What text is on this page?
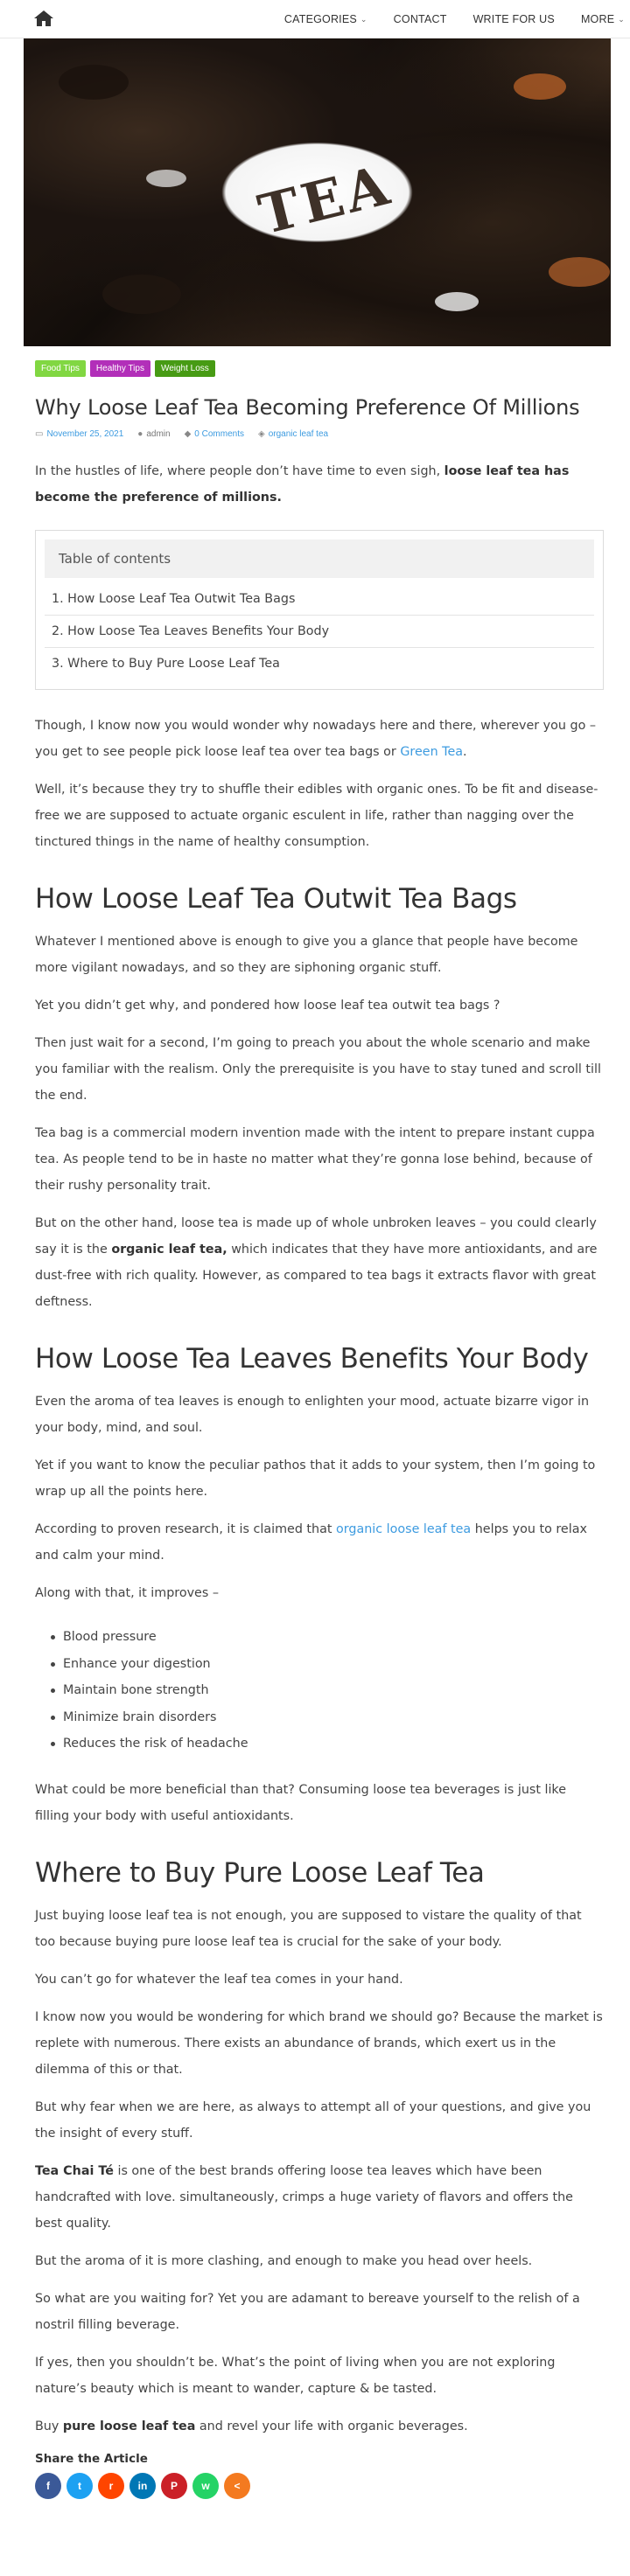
CATEGORIES ⌄ CONTACT WRITE FOR US MORE ⌄
TEA
Food Tips	Healthy Tips	Weight Loss
Why Loose Leaf Tea Becoming Preference Of Millions
▭ November 25, 2021 ● admin ◆ 0 Comments ◈ organic leaf tea

In the hustles of life, where people don’t have time to even sigh, loose leaf tea has become the preference of millions.

Table of contents
1. How Loose Leaf Tea Outwit Tea Bags
2. How Loose Tea Leaves Benefits Your Body
3. Where to Buy Pure Loose Leaf Tea

Though, I know now you would wonder why nowadays here and there, wherever you go – you get to see people pick loose leaf tea over tea bags or Green Tea.

Well, it’s because they try to shuffle their edibles with organic ones. To be fit and disease-free we are supposed to actuate organic esculent in life, rather than nagging over the tinctured things in the name of healthy consumption.

How Loose Leaf Tea Outwit Tea Bags

Whatever I mentioned above is enough to give you a glance that people have become more vigilant nowadays, and so they are siphoning organic stuff.

Yet you didn’t get why, and pondered how loose leaf tea outwit tea bags ?

Then just wait for a second, I’m going to preach you about the whole scenario and make you familiar with the realism. Only the prerequisite is you have to stay tuned and scroll till the end.

Tea bag is a commercial modern invention made with the intent to prepare instant cuppa tea. As people tend to be in haste no matter what they’re gonna lose behind, because of their rushy personality trait.

But on the other hand, loose tea is made up of whole unbroken leaves – you could clearly say it is the organic leaf tea, which indicates that they have more antioxidants, and are dust-free with rich quality. However, as compared to tea bags it extracts flavor with great deftness.

How Loose Tea Leaves Benefits Your Body

Even the aroma of tea leaves is enough to enlighten your mood, actuate bizarre vigor in your body, mind, and soul.

Yet if you want to know the peculiar pathos that it adds to your system, then I’m going to wrap up all the points here.

According to proven research, it is claimed that organic loose leaf tea helps you to relax and calm your mind.

Along with that, it improves –

Blood pressure
Enhance your digestion
Maintain bone strength
Minimize brain disorders
Reduces the risk of headache

What could be more beneficial than that? Consuming loose tea beverages is just like filling your body with useful antioxidants.

Where to Buy Pure Loose Leaf Tea

Just buying loose leaf tea is not enough, you are supposed to vistare the quality of that too because buying pure loose leaf tea is crucial for the sake of your body.

You can’t go for whatever the leaf tea comes in your hand.

I know now you would be wondering for which brand we should go? Because the market is replete with numerous. There exists an abundance of brands, which exert us in the dilemma of this or that.

But why fear when we are here, as always to attempt all of your questions, and give you the insight of every stuff.

Tea Chai Té is one of the best brands offering loose tea leaves which have been handcrafted with love. simultaneously, crimps a huge variety of flavors and offers the best quality.

But the aroma of it is more clashing, and enough to make you head over heels.

So what are you waiting for? Yet you are adamant to bereave yourself to the relish of a nostril filling beverage.

If yes, then you shouldn’t be. What’s the point of living when you are not exploring nature’s beauty which is meant to wander, capture & be tasted.

Buy pure loose leaf tea and revel your life with organic beverages.

Share the Article
f	t	r	in	P	w	<
